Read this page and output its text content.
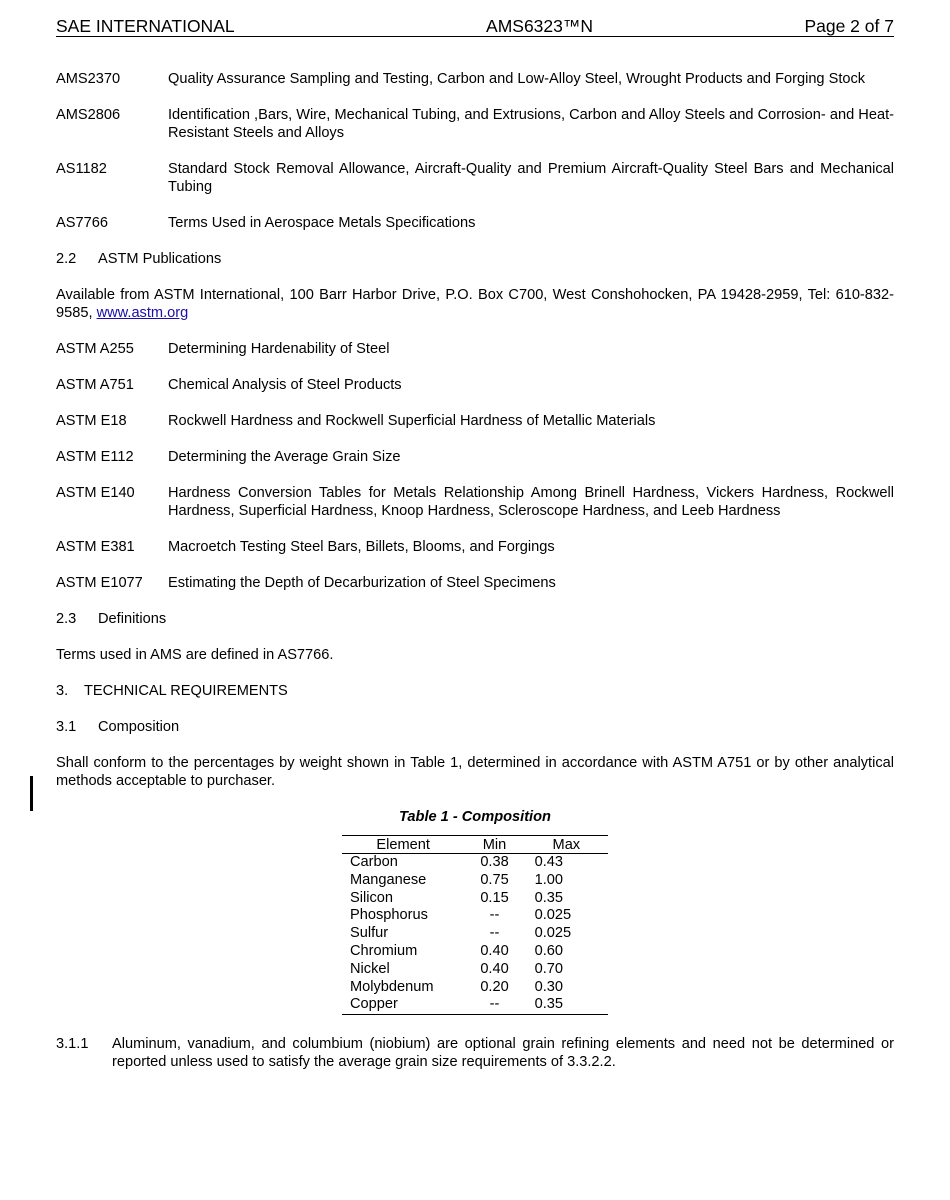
SAE INTERNATIONAL	AMS6323™N	Page 2 of 7
AMS2370	Quality Assurance Sampling and Testing, Carbon and Low-Alloy Steel, Wrought Products and Forging Stock
AMS2806	Identification ,Bars, Wire, Mechanical Tubing, and Extrusions, Carbon and Alloy Steels and Corrosion- and Heat-Resistant Steels and Alloys
AS1182	Standard Stock Removal Allowance, Aircraft-Quality and Premium Aircraft-Quality Steel Bars and Mechanical Tubing
AS7766	Terms Used in Aerospace Metals Specifications
2.2	ASTM Publications
Available from ASTM International, 100 Barr Harbor Drive, P.O. Box C700, West Conshohocken, PA 19428-2959, Tel: 610-832-9585, www.astm.org
ASTM A255	Determining Hardenability of Steel
ASTM A751	Chemical Analysis of Steel Products
ASTM E18	Rockwell Hardness and Rockwell Superficial Hardness of Metallic Materials
ASTM E112	Determining the Average Grain Size
ASTM E140	Hardness Conversion Tables for Metals Relationship Among Brinell Hardness, Vickers Hardness, Rockwell Hardness, Superficial Hardness, Knoop Hardness, Scleroscope Hardness, and Leeb Hardness
ASTM E381	Macroetch Testing Steel Bars, Billets, Blooms, and Forgings
ASTM E1077	Estimating the Depth of Decarburization of Steel Specimens
2.3	Definitions
Terms used in AMS are defined in AS7766.
3.	TECHNICAL REQUIREMENTS
3.1	Composition
Shall conform to the percentages by weight shown in Table 1, determined in accordance with ASTM A751 or by other analytical methods acceptable to purchaser.
Table 1 - Composition
Element	Min	Max
Carbon	0.38	0.43
Manganese	0.75	1.00
Silicon	0.15	0.35
Phosphorus	--	0.025
Sulfur	--	0.025
Chromium	0.40	0.60
Nickel	0.40	0.70
Molybdenum	0.20	0.30
Copper	--	0.35
3.1.1	Aluminum, vanadium, and columbium (niobium) are optional grain refining elements and need not be determined or reported unless used to satisfy the average grain size requirements of 3.3.2.2.
